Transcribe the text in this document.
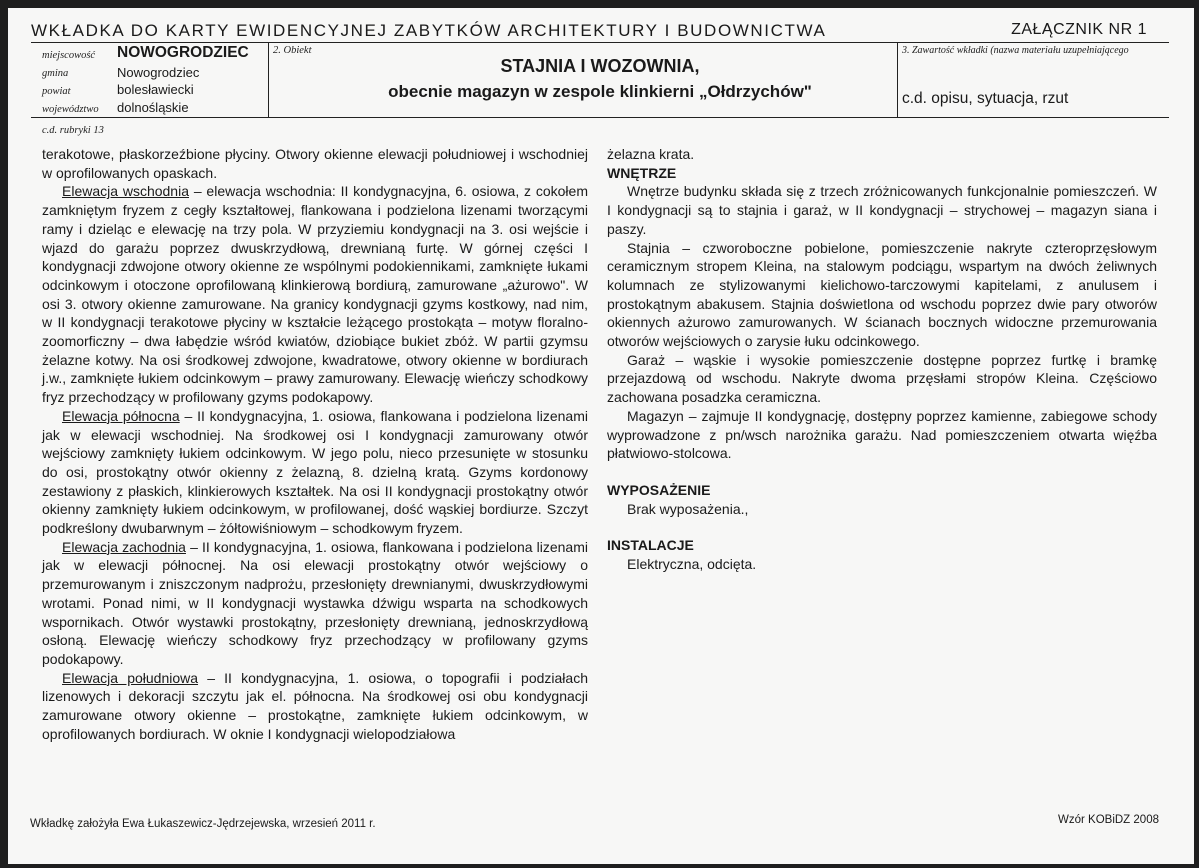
WKŁADKA DO KARTY EWIDENCYJNEJ ZABYTKÓW ARCHITEKTURY I BUDOWNICTWA	ZAŁĄCZNIK NR 1
miejscowość
gmina
powiat
województwo
NOWOGRODZIEC
Nowogrodziec
bolesławiecki
dolnośląskie
2. Obiekt
STAJNIA I WOZOWNIA,
obecnie magazyn w zespole klinkierni „Ołdrzychów"
3. Zawartość wkładki (nazwa materiału uzupełniającego
c.d. opisu, sytuacja, rzut
c.d. rubryki 13

terakotowe, płaskorzeźbione płyciny. Otwory okienne elewacji południowej i wschodniej w oprofilowanych opaskach.

Elewacja wschodnia – elewacja wschodnia: II kondygnacyjna, 6. osiowa, z cokołem zamkniętym fryzem z cegły kształtowej, flankowana i podzielona lizenami tworzącymi ramy i dzieląc e elewację na trzy pola. W przyziemiu kondygnacji na 3. osi wejście i wjazd do garażu poprzez dwuskrzydłową, drewnianą furtę. W górnej części I kondygnacji zdwojone otwory okienne ze wspólnymi podokiennikami, zamknięte łukami odcinkowym i otoczone oprofilowaną klinkierową bordiurą, zamurowane „ażurowo". W osi 3. otwory okienne zamurowane. Na granicy kondygnacji gzyms kostkowy, nad nim, w II kondygnacji terakotowe płyciny w kształcie leżącego prostokąta – motyw floralno-zoomorficzny – dwa łabędzie wśród kwiatów, dziobiące bukiet zbóż. W partii gzymsu żelazne kotwy. Na osi środkowej zdwojone, kwadratowe, otwory okienne w bordiurach j.w., zamknięte łukiem odcinkowym – prawy zamurowany. Elewację wieńczy schodkowy fryz przechodzący w profilowany gzyms podokapowy.

Elewacja północna – II kondygnacyjna, 1. osiowa, flankowana i podzielona lizenami jak w elewacji wschodniej. Na środkowej osi I kondygnacji zamurowany otwór wejściowy zamknięty łukiem odcinkowym. W jego polu, nieco przesunięte w stosunku do osi, prostokątny otwór okienny z żelazną, 8. dzielną kratą. Gzyms kordonowy zestawiony z płaskich, klinkierowych kształtek. Na osi II kondygnacji prostokątny otwór okienny zamknięty łukiem odcinkowym, w profilowanej, dość wąskiej bordiurze. Szczyt podkreślony dwubarwnym – żółtowiśniowym – schodkowym fryzem.

Elewacja zachodnia – II kondygnacyjna, 1. osiowa, flankowana i podzielona lizenami jak w elewacji północnej. Na osi elewacji prostokątny otwór wejściowy o przemurowanym i zniszczonym nadprożu, przesłonięty drewnianymi, dwuskrzydłowymi wrotami. Ponad nimi, w II kondygnacji wystawka dźwigu wsparta na schodkowych wspornikach. Otwór wystawki prostokątny, przesłonięty drewnianą, jednoskrzydłową osłoną. Elewację wieńczy schodkowy fryz przechodzący w profilowany gzyms podokapowy.

Elewacja południowa – II kondygnacyjna, 1. osiowa, o topografii i podziałach lizenowych i dekoracji szczytu jak el. północna. Na środkowej osi obu kondygnacji zamurowane otwory okienne – prostokątne, zamknięte łukiem odcinkowym, w oprofilowanych bordiurach. W oknie I kondygnacji wielopodziałowa

żelazna krata.

WNĘTRZE

Wnętrze budynku składa się z trzech zróżnicowanych funkcjonalnie pomieszczeń. W I kondygnacji są to stajnia i garaż, w II kondygnacji – strychowej – magazyn siana i paszy.

Stajnia – czworoboczne pobielone, pomieszczenie nakryte czteroprzęsłowym ceramicznym stropem Kleina, na stalowym podciągu, wspartym na dwóch żeliwnych kolumnach ze stylizowanymi kielichowo-tarczowymi kapitelami, z anulusem i prostokątnym abakusem. Stajnia doświetlona od wschodu poprzez dwie pary otworów okiennych ażurowo zamurowanych. W ścianach bocznych widoczne przemurowania otworów wejściowych o zarysie łuku odcinkowego.

Garaż – wąskie i wysokie pomieszczenie dostępne poprzez furtkę i bramkę przejazdową od wschodu. Nakryte dwoma przęsłami stropów Kleina. Częściowo zachowana posadzka ceramiczna.

Magazyn – zajmuje II kondygnację, dostępny poprzez kamienne, zabiegowe schody wyprowadzone z pn/wsch narożnika garażu. Nad pomieszczeniem otwarta więźba płatwiowo-stolcowa.

WYPOSAŻENIE

Brak wyposażenia.,

INSTALACJE

Elektryczna, odcięta.

Wkładkę założyła Ewa Łukaszewicz-Jędrzejewska, wrzesień 2011 r.	Wzór KOBiDZ 2008
